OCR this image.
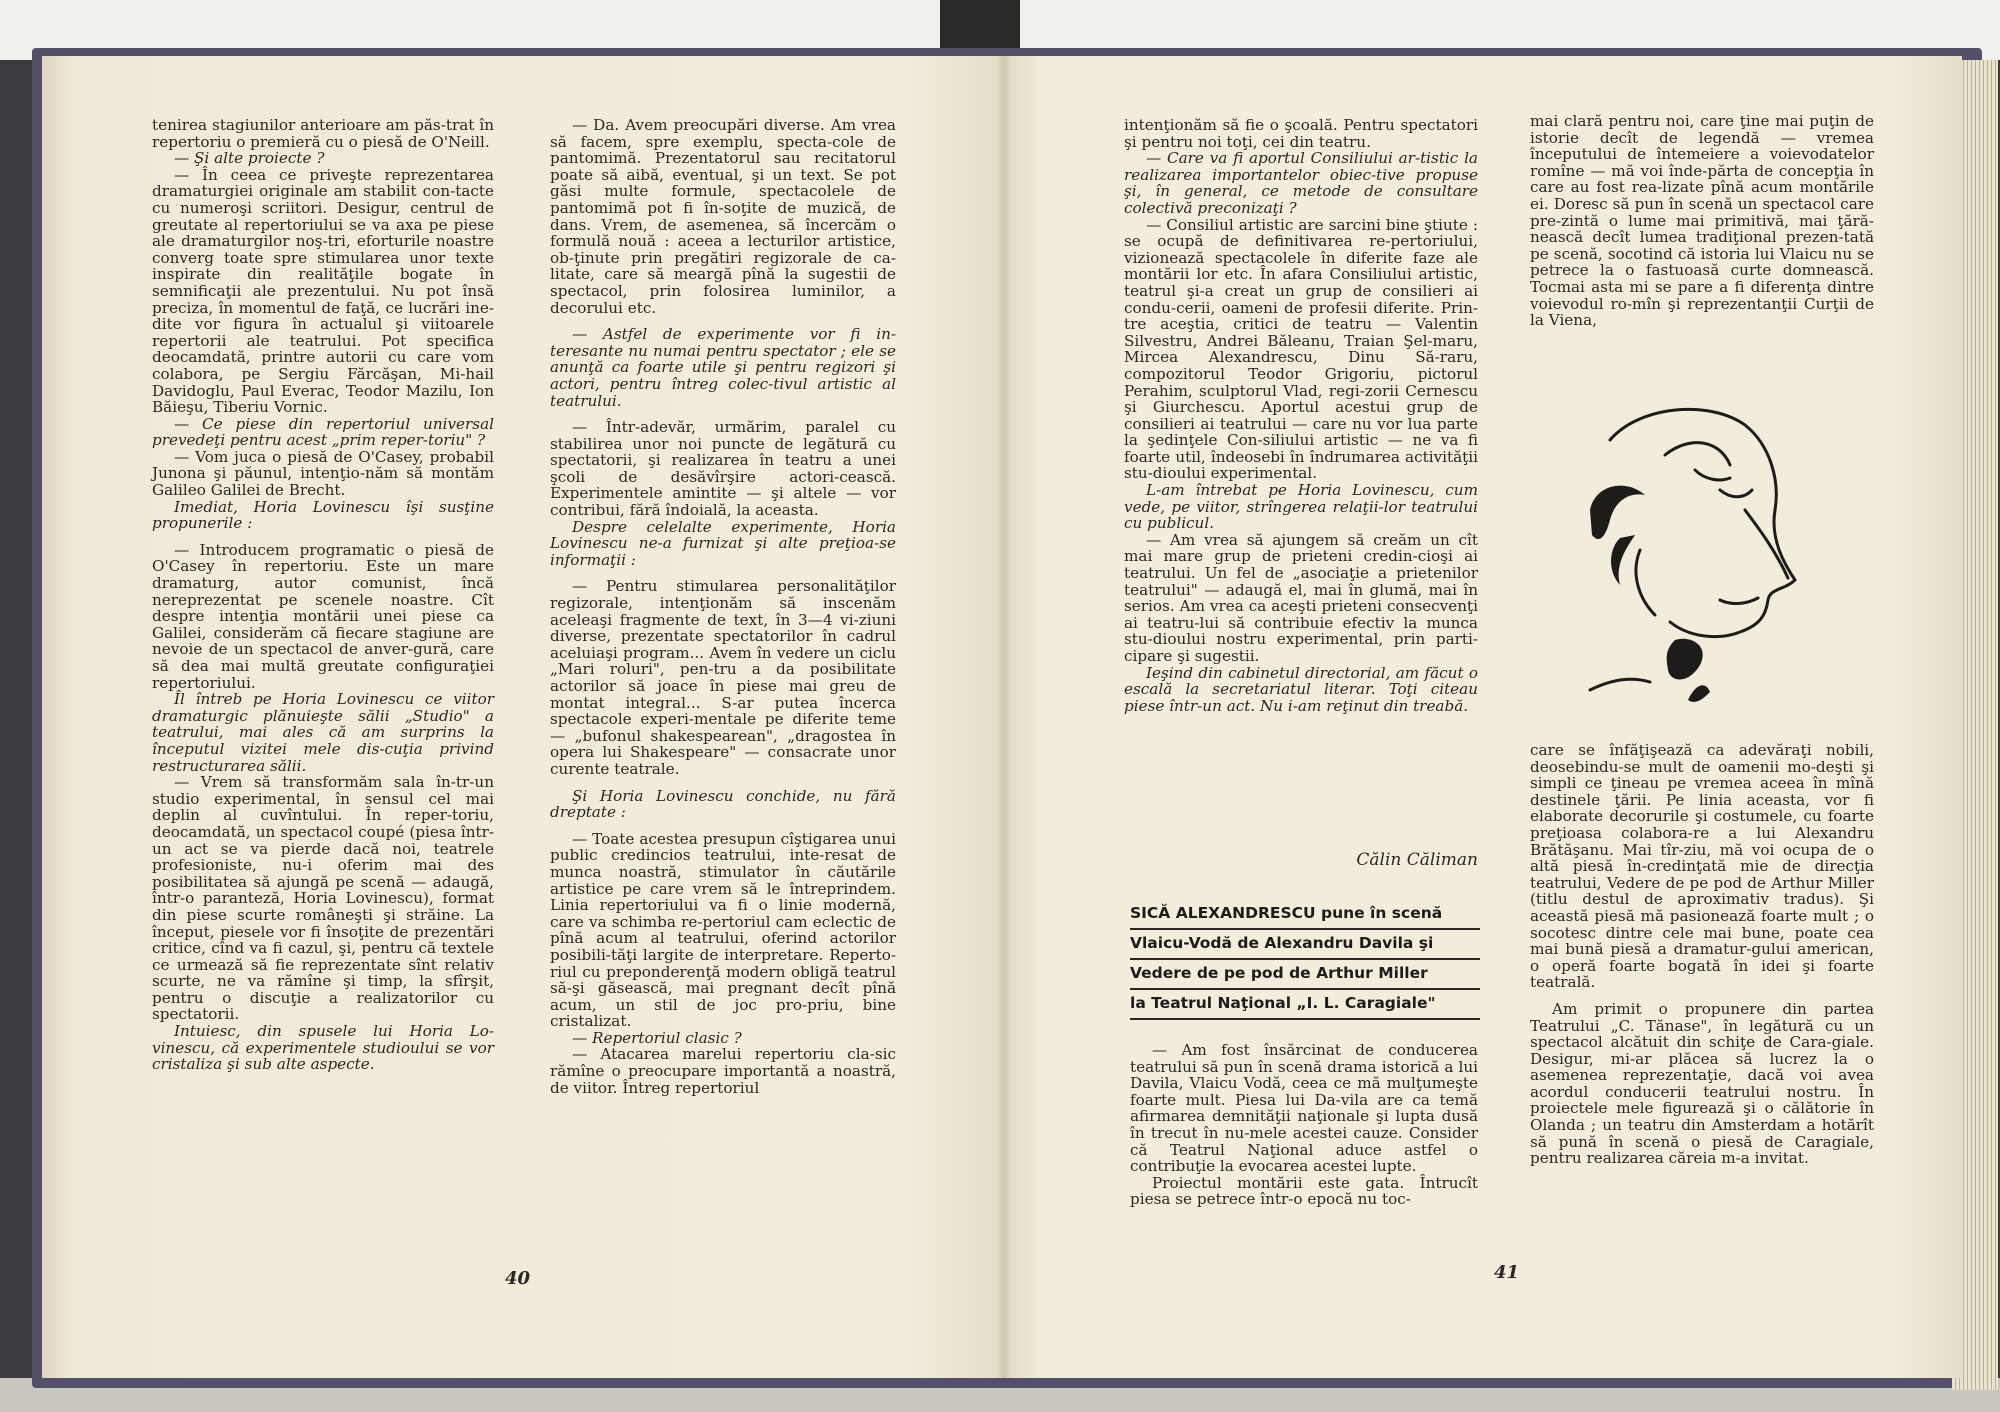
tenirea stagiunilor anterioare am păs-trat în repertoriu o premieră cu o piesă de O'Neill.

— Şi alte proiecte ?

— În ceea ce priveşte reprezentarea dramaturgiei originale am stabilit con-tacte cu numeroşi scriitori. Desigur, centrul de greutate al repertoriului se va axa pe piese ale dramaturgilor noş-tri, eforturile noastre converg toate spre stimularea unor texte inspirate din realităţile bogate în semnificaţii ale prezentului. Nu pot însă preciza, în momentul de faţă, ce lucrări ine-dite vor figura în actualul şi viitoarele repertorii ale teatrului. Pot specifica deocamdată, printre autorii cu care vom colabora, pe Sergiu Fărcăşan, Mi-hail Davidoglu, Paul Everac, Teodor Mazilu, Ion Băieşu, Tiberiu Vornic.

— Ce piese din repertoriul universal prevedeţi pentru acest „prim reper-toriu" ?

— Vom juca o piesă de O'Casey, probabil Junona şi păunul, intenţio-năm să montăm Galileo Galilei de Brecht.

Imediat, Horia Lovinescu îşi susţine propunerile :

— Introducem programatic o piesă de O'Casey în repertoriu. Este un mare dramaturg, autor comunist, încă nereprezentat pe scenele noastre. Cît despre intenţia montării unei piese ca Galilei, considerăm că fiecare stagiune are nevoie de un spectacol de anver-gură, care să dea mai multă greutate configuraţiei repertoriului.

Îl întreb pe Horia Lovinescu ce viitor dramaturgic plănuieşte sălii „Studio" a teatrului, mai ales că am surprins la începutul vizitei mele dis-cuţia privind restructurarea sălii.

— Vrem să transformăm sala în-tr-un studio experimental, în sensul cel mai deplin al cuvîntului. În reper-toriu, deocamdată, un spectacol coupé (piesa într-un act se va pierde dacă noi, teatrele profesioniste, nu-i oferim mai des posibilitatea să ajungă pe scenă — adaugă, într-o paranteză, Horia Lovinescu), format din piese scurte româneşti şi străine. La început, piesele vor fi însoţite de prezentări critice, cînd va fi cazul, şi, pentru că textele ce urmează să fie reprezentate sînt relativ scurte, ne va rămîne şi timp, la sfîrşit, pentru o discuţie a realizatorilor cu spectatorii.

Intuiesc, din spusele lui Horia Lo-vinescu, că experimentele studioului se vor cristaliza şi sub alte aspecte.

— Da. Avem preocupări diverse. Am vrea să facem, spre exemplu, specta-cole de pantomimă. Prezentatorul sau recitatorul poate să aibă, eventual, şi un text. Se pot găsi multe formule, spectacolele de pantomimă pot fi în-soţite de muzică, de dans. Vrem, de asemenea, să încercăm o formulă nouă : aceea a lecturilor artistice, ob-ţinute prin pregătiri regizorale de ca-litate, care să meargă pînă la sugestii de spectacol, prin folosirea luminilor, a decorului etc.

— Astfel de experimente vor fi in-teresante nu numai pentru spectator ; ele se anunţă ca foarte utile şi pentru regizori şi actori, pentru întreg colec-tivul artistic al teatrului.

— Într-adevăr, urmărim, paralel cu stabilirea unor noi puncte de legătură cu spectatorii, şi realizarea în teatru a unei şcoli de desăvîrşire actori-cească. Experimentele amintite — şi altele — vor contribui, fără îndoială, la aceasta.

Despre celelalte experimente, Horia Lovinescu ne-a furnizat şi alte preţioa-se informaţii :

— Pentru stimularea personalităţilor regizorale, intenţionăm să inscenăm aceleaşi fragmente de text, în 3—4 vi-ziuni diverse, prezentate spectatorilor în cadrul aceluiaşi program... Avem în vedere un ciclu „Mari roluri", pen-tru a da posibilitate actorilor să joace în piese mai greu de montat integral... S-ar putea încerca spectacole experi-mentale pe diferite teme — „bufonul shakespearean", „dragostea în opera lui Shakespeare" — consacrate unor curente teatrale.

Şi Horia Lovinescu conchide, nu fără dreptate :

— Toate acestea presupun cîştigarea unui public credincios teatrului, inte-resat de munca noastră, stimulator în căutările artistice pe care vrem să le întreprindem. Linia repertoriului va fi o linie modernă, care va schimba re-pertoriul cam eclectic de pînă acum al teatrului, oferind actorilor posibili-tăţi largite de interpretare. Reperto-riul cu preponderenţă modern obligă teatrul să-şi găsească, mai pregnant decît pînă acum, un stil de joc pro-priu, bine cristalizat.

— Repertoriul clasic ?

— Atacarea marelui repertoriu cla-sic rămîne o preocupare importantă a noastră, de viitor. Întreg repertoriul

intenţionăm să fie o şcoală. Pentru spectatori şi pentru noi toţi, cei din teatru.

— Care va fi aportul Consiliului ar-tistic la realizarea importantelor obiec-tive propuse şi, în general, ce metode de consultare colectivă preconizaţi ?

— Consiliul artistic are sarcini bine ştiute : se ocupă de definitivarea re-pertoriului, vizionează spectacolele în diferite faze ale montării lor etc. În afara Consiliului artistic, teatrul şi-a creat un grup de consilieri ai condu-cerii, oameni de profesii diferite. Prin-tre aceştia, critici de teatru — Valentin Silvestru, Andrei Băleanu, Traian Şel-maru, Mircea Alexandrescu, Dinu Să-raru, compozitorul Teodor Grigoriu, pictorul Perahim, sculptorul Vlad, regi-zorii Cernescu şi Giurchescu. Aportul acestui grup de consilieri ai teatrului — care nu vor lua parte la şedinţele Con-siliului artistic — ne va fi foarte util, îndeosebi în îndrumarea activităţii stu-dioului experimental.

L-am întrebat pe Horia Lovinescu, cum vede, pe viitor, strîngerea relaţii-lor teatrului cu publicul.

— Am vrea să ajungem să creăm un cît mai mare grup de prieteni credin-cioşi ai teatrului. Un fel de „asociaţie a prietenilor teatrului" — adaugă el, mai în glumă, mai în serios. Am vrea ca aceşti prieteni consecvenţi ai teatru-lui să contribuie efectiv la munca stu-dioului nostru experimental, prin parti-cipare şi sugestii.

Ieşind din cabinetul directorial, am făcut o escală la secretariatul literar. Toţi citeau piese într-un act. Nu i-am reţinut din treabă.

Călin Căliman
SICĂ ALEXANDRESCU pune în scenă
Vlaicu-Vodă de Alexandru Davila şi
Vedere de pe pod de Arthur Miller
la Teatrul Naţional „I. L. Caragiale"

— Am fost însărcinat de conducerea teatrului să pun în scenă drama istorică a lui Davila, Vlaicu Vodă, ceea ce mă mulţumeşte foarte mult. Piesa lui Da-vila are ca temă afirmarea demnităţii naţionale şi lupta dusă în trecut în nu-mele acestei cauze. Consider că Teatrul Naţional aduce astfel o contribuţie la evocarea acestei lupte.

Proiectul montării este gata. Întrucît piesa se petrece într-o epocă nu toc-

mai clară pentru noi, care ţine mai puţin de istorie decît de legendă — vremea începutului de întemeiere a voievodatelor romîne — mă voi înde-părta de concepţia în care au fost rea-lizate pînă acum montările ei. Doresc să pun în scenă un spectacol care pre-zintă o lume mai primitivă, mai ţără-nească decît lumea tradiţional prezen-tată pe scenă, socotind că istoria lui Vlaicu nu se petrece la o fastuoasă curte domnească. Tocmai asta mi se pare a fi diferenţa dintre voievodul ro-mîn şi reprezentanţii Curţii de la Viena,

care se înfăţişează ca adevăraţi nobili, deosebindu-se mult de oamenii mo-deşti şi simpli ce ţineau pe vremea aceea în mînă destinele ţării. Pe linia aceasta, vor fi elaborate decorurile şi costumele, cu foarte preţioasa colabora-re a lui Alexandru Brătăşanu. Mai tîr-ziu, mă voi ocupa de o altă piesă în-credinţată mie de direcţia teatrului, Vedere de pe pod de Arthur Miller (titlu destul de aproximativ tradus). Şi această piesă mă pasionează foarte mult ; o socotesc dintre cele mai bune, poate cea mai bună piesă a dramatur-gului american, o operă foarte bogată în idei şi foarte teatrală.

Am primit o propunere din partea Teatrului „C. Tănase", în legătură cu un spectacol alcătuit din schiţe de Cara-giale. Desigur, mi-ar plăcea să lucrez la o asemenea reprezentaţie, dacă voi avea acordul conducerii teatrului nostru. În proiectele mele figurează şi o călătorie în Olanda ; un teatru din Amsterdam a hotărît să pună în scenă o piesă de Caragiale, pentru realizarea căreia m-a invitat.

40	41
